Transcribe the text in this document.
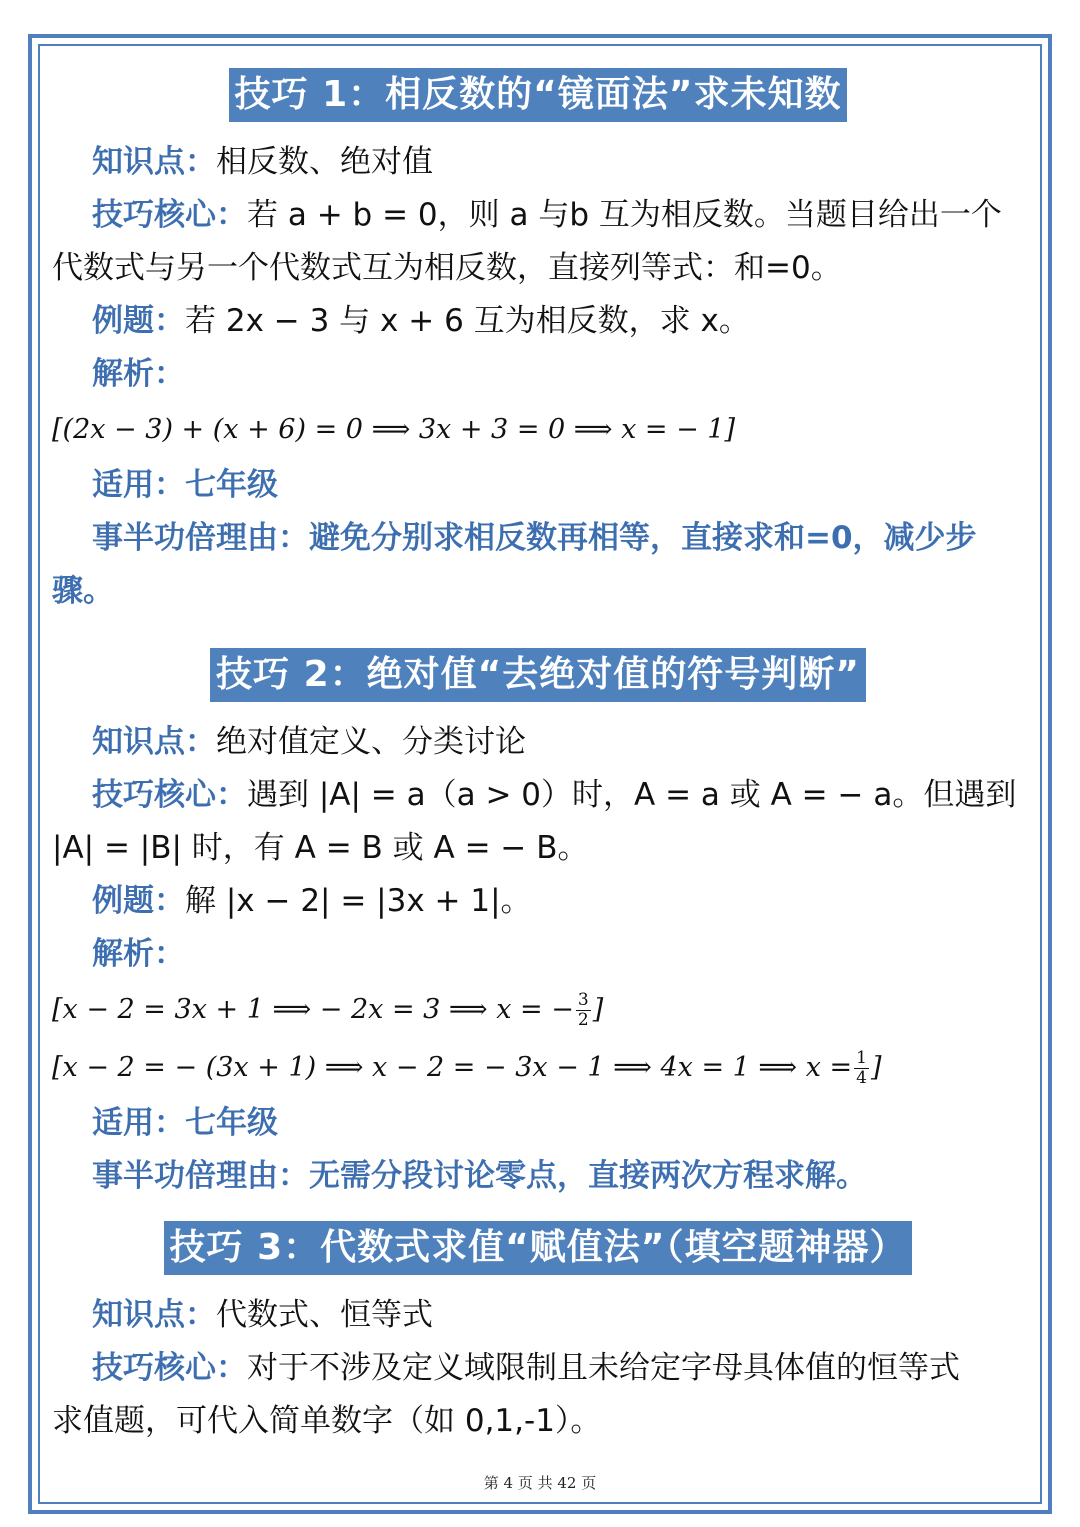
技巧 1：相反数的“镜面法”求未知数
知识点：相反数、绝对值
技巧核心：若 a + b = 0，则 a 与b 互为相反数。当题目给出一个
代数式与另一个代数式互为相反数，直接列等式：和=0。
例题：若 2x − 3 与 x + 6 互为相反数，求 x。
解析：
[(2x − 3) + (x + 6) = 0 ⟹ 3x + 3 = 0 ⟹ x = − 1]
适用：七年级
事半功倍理由：避免分别求相反数再相等，直接求和=0，减少步
骤。
技巧 2：绝对值“去绝对值的符号判断”
知识点：绝对值定义、分类讨论
技巧核心：遇到 |A| = a（a > 0）时，A = a 或 A = − a。但遇到
|A| = |B| 时，有 A = B 或 A = − B。
例题：解 |x − 2| = |3x + 1|。
解析：
[x − 2 = 3x + 1 ⟹ − 2x = 3 ⟹ x = − $\frac{3}{2}$ ]
[x − 2 = − (3x + 1) ⟹ x − 2 = − 3x − 1 ⟹ 4x = 1 ⟹ $x = \frac{1}{4}$ ]
适用：七年级
事半功倍理由：无需分段讨论零点，直接两次方程求解。
技巧 3：代数式求值“赋值法”（填空题神器）
知识点：代数式、恒等式
技巧核心：对于不涉及定义域限制且未给定字母具体值的恒等式
求值题，可代入简单数字（如 0,1,-1）。
第 4 页 共 42 页
